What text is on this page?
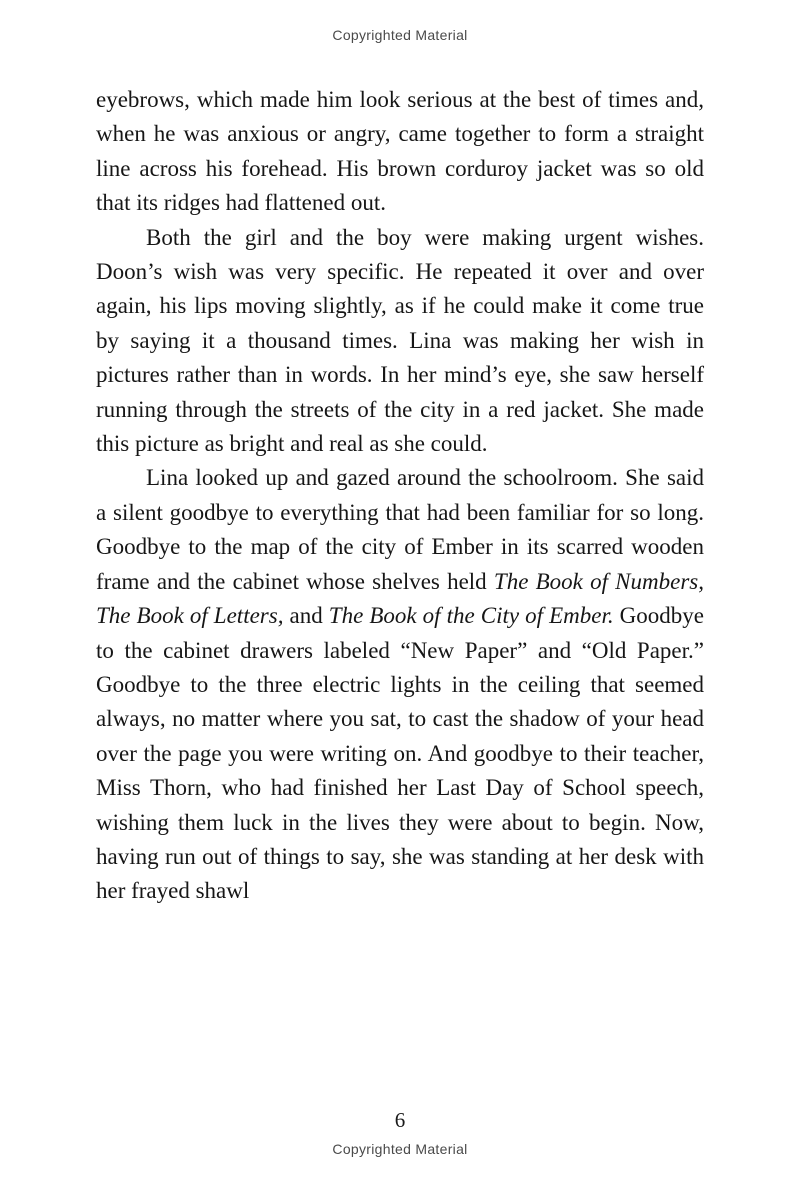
Copyrighted Material

eyebrows, which made him look serious at the best of times and, when he was anxious or angry, came together to form a straight line across his forehead. His brown corduroy jacket was so old that its ridges had flattened out.

Both the girl and the boy were making urgent wishes. Doon’s wish was very specific. He repeated it over and over again, his lips moving slightly, as if he could make it come true by saying it a thousand times. Lina was making her wish in pictures rather than in words. In her mind’s eye, she saw herself running through the streets of the city in a red jacket. She made this picture as bright and real as she could.

Lina looked up and gazed around the schoolroom. She said a silent goodbye to everything that had been familiar for so long. Goodbye to the map of the city of Ember in its scarred wooden frame and the cabinet whose shelves held The Book of Numbers, The Book of Letters, and The Book of the City of Ember. Goodbye to the cabinet drawers labeled “New Paper” and “Old Paper.” Goodbye to the three electric lights in the ceiling that seemed always, no matter where you sat, to cast the shadow of your head over the page you were writing on. And goodbye to their teacher, Miss Thorn, who had finished her Last Day of School speech, wishing them luck in the lives they were about to begin. Now, having run out of things to say, she was standing at her desk with her frayed shawl

6
Copyrighted Material
